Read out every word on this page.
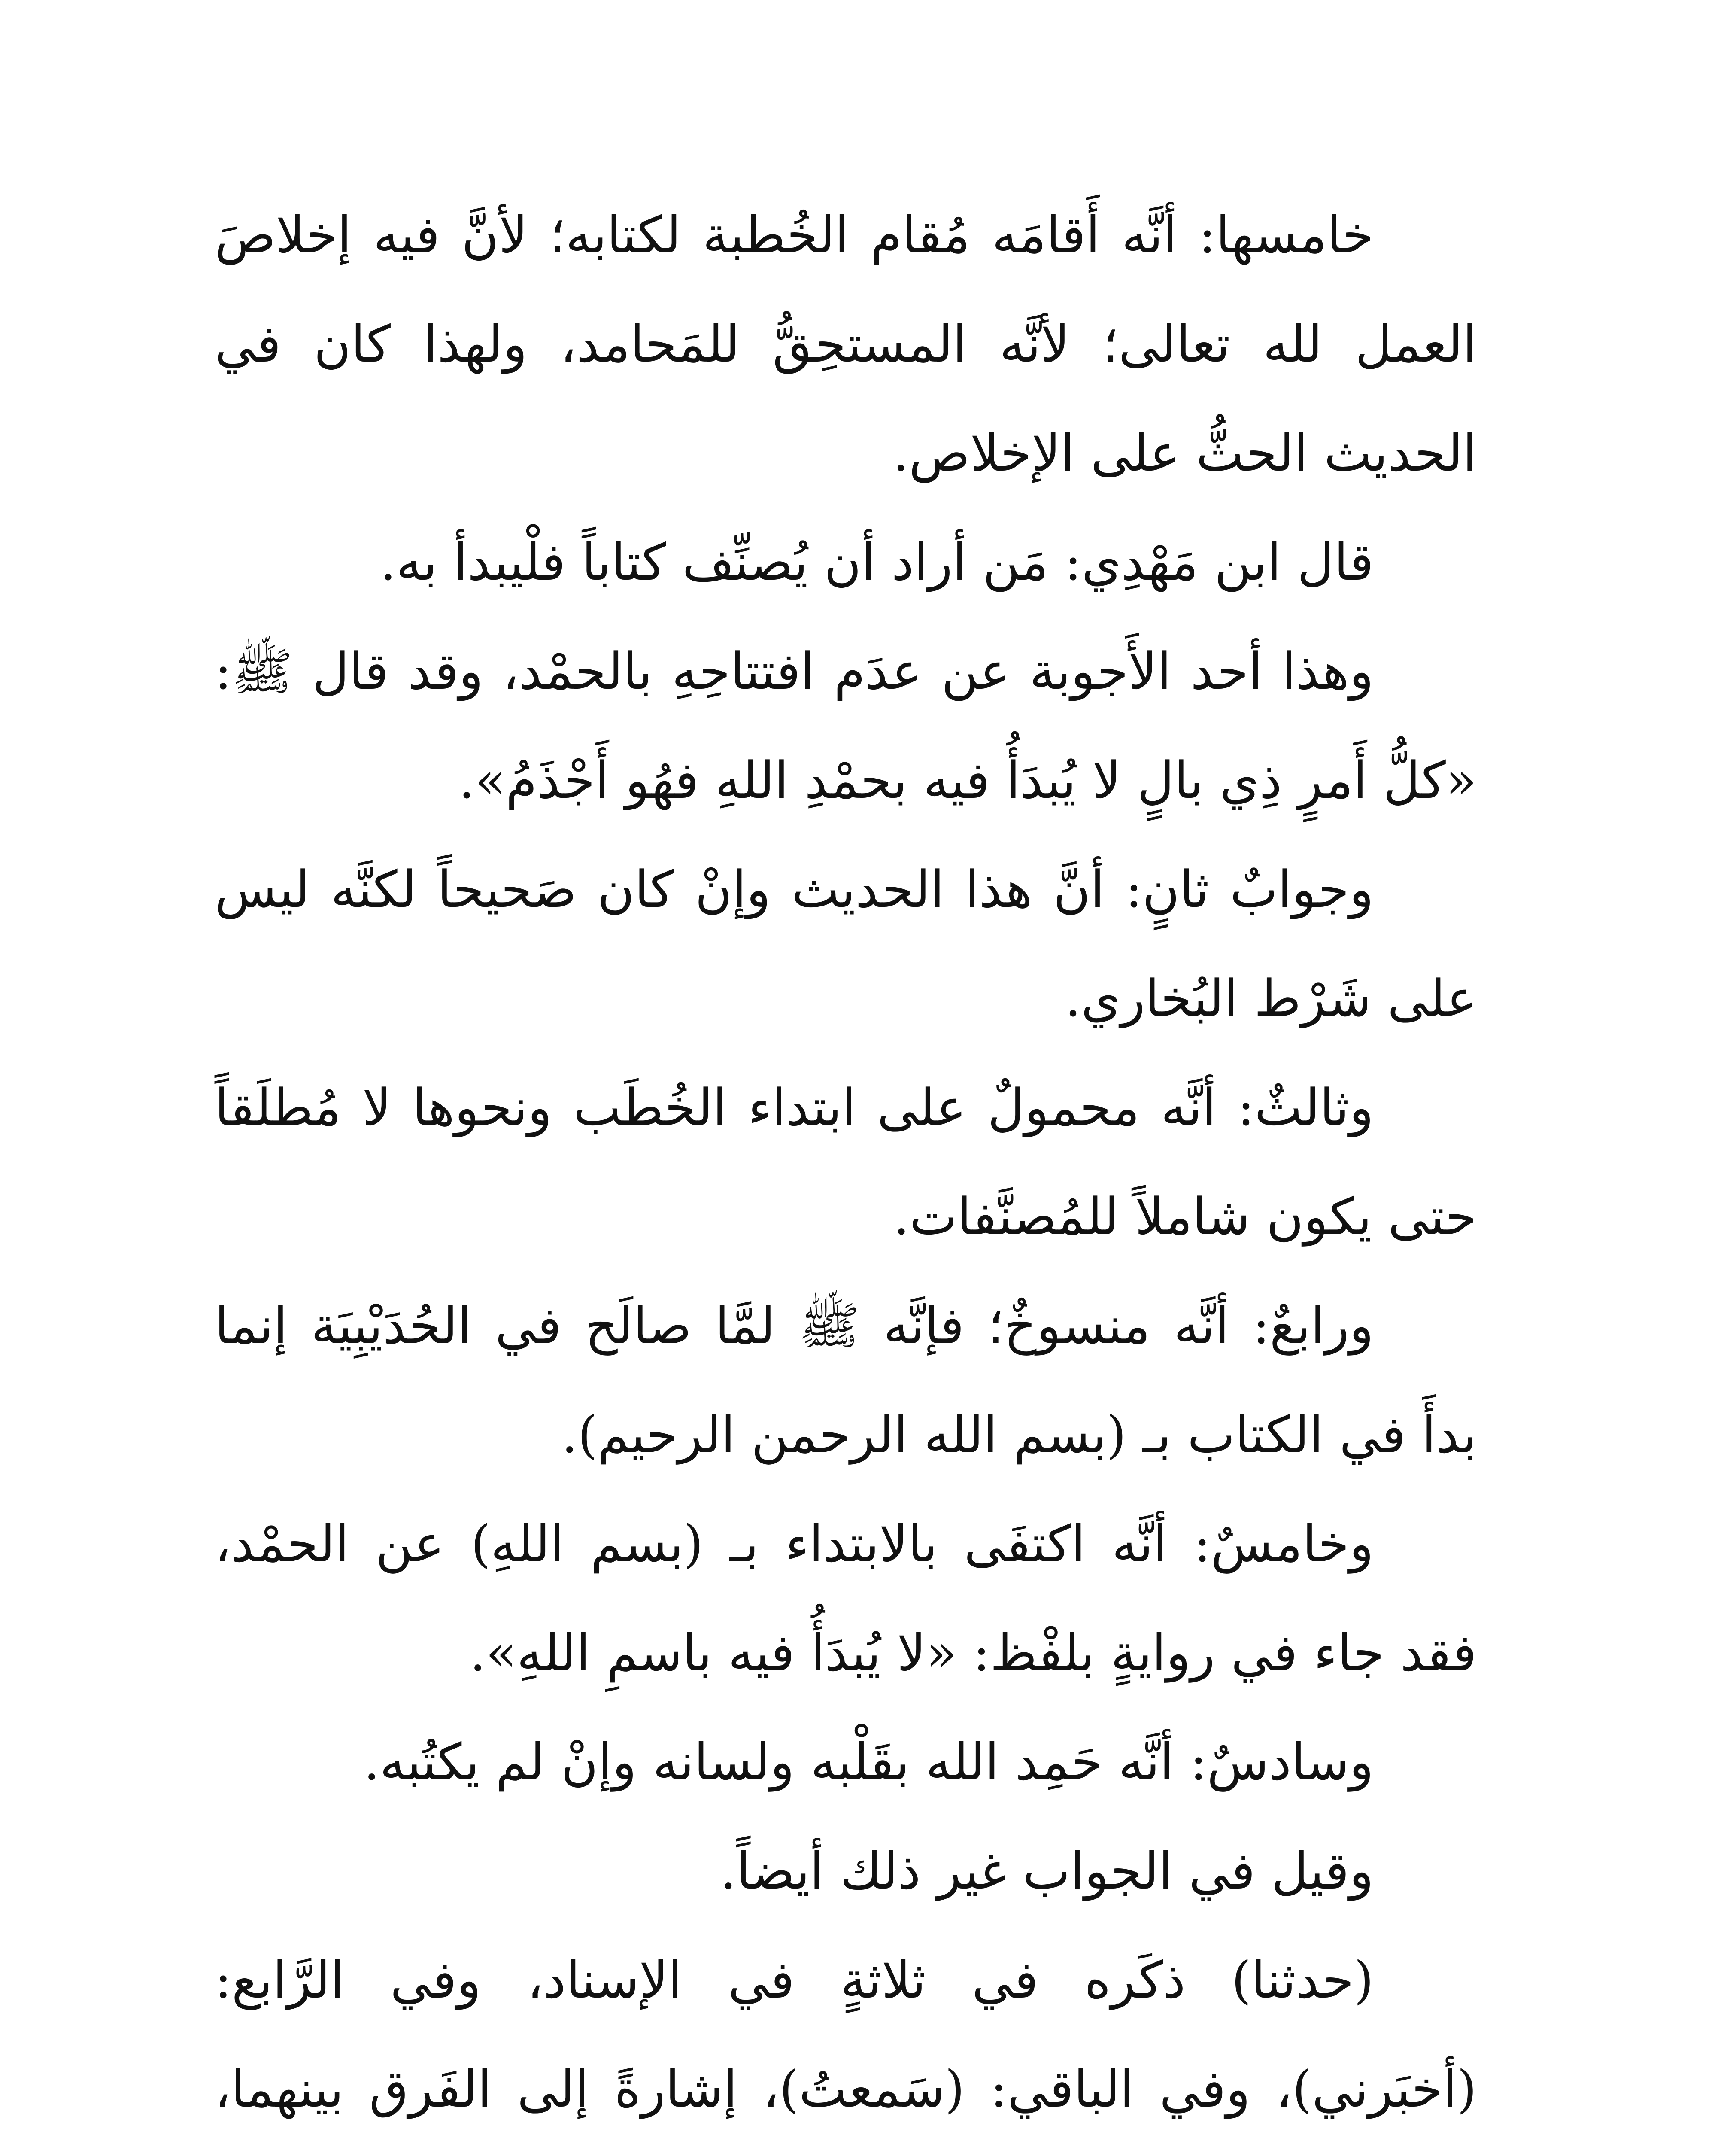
خامسها: أنَّه أَقامَه مُقام الخُطبة لكتابه؛ لأنَّ فيه إخلاصَ العمل لله تعالى؛ لأنَّه المستحِقُّ للمَحامد، ولهذا كان في الحديث الحثُّ على الإخلاص.

قال ابن مَهْدِي: مَن أراد أن يُصنِّف كتاباً فلْيبدأ به.

وهذا أحد الأَجوبة عن عدَم افتتاحِهِ بالحمْد، وقد قال ﷺ: «كلُّ أَمرٍ ذِي بالٍ لا يُبدَأُ فيه بحمْدِ اللهِ فهُو أَجْذَمُ».

وجوابٌ ثانٍ: أنَّ هذا الحديث وإنْ كان صَحيحاً لكنَّه ليس على شَرْط البُخاري.

وثالثٌ: أنَّه محمولٌ على ابتداء الخُطَب ونحوها لا مُطلَقاً حتى يكون شاملاً للمُصنَّفات.

ورابعٌ: أنَّه منسوخٌ؛ فإنَّه ﷺ لمَّا صالَح في الحُدَيْبِيَة إنما بدأَ في الكتاب بـ (بسم الله الرحمن الرحيم).

وخامسٌ: أنَّه اكتفَى بالابتداء بـ (بسم اللهِ) عن الحمْد، فقد جاء في روايةٍ بلفْظ: «لا يُبدَأُ فيه باسمِ اللهِ».

وسادسٌ: أنَّه حَمِد الله بقَلْبه ولسانه وإنْ لم يكتُبه.

وقيل في الجواب غير ذلك أيضاً.

(حدثنا) ذكَره في ثلاثةٍ في الإسناد، وفي الرَّابع: (أخبَرني)، وفي الباقي: (سَمعتُ)، إشارةً إلى الفَرق بينهما،
